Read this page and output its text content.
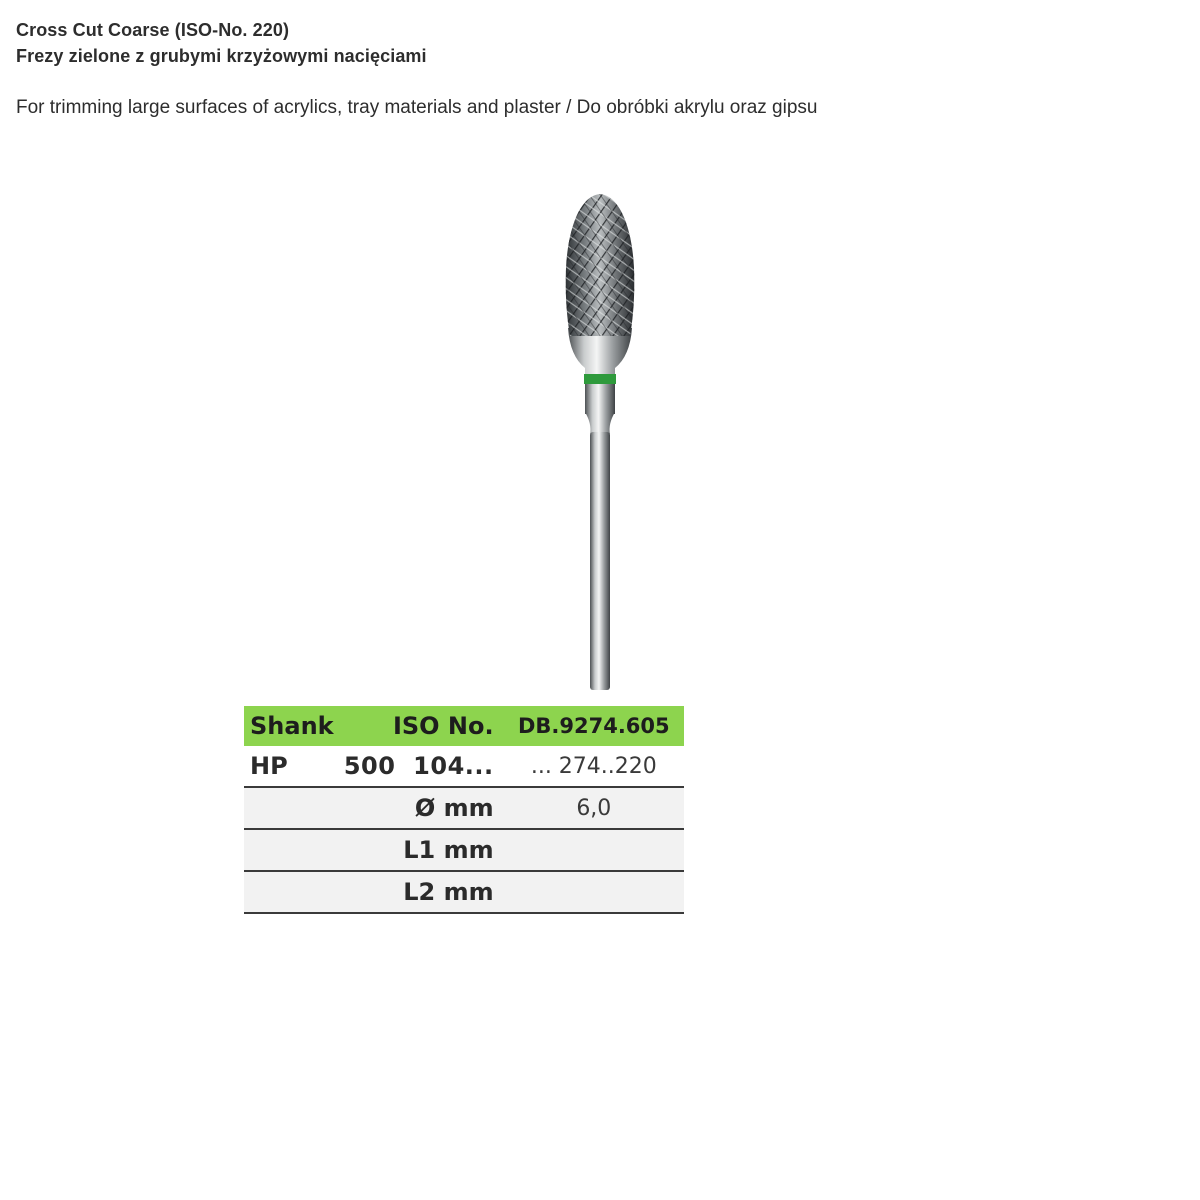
Cross Cut Coarse (ISO-No. 220)
Frezy zielone z grubymi krzyżowymi nacięciami
For trimming large surfaces of acrylics, tray materials and plaster / Do obróbki akrylu oraz gipsu
Shank	ISO No.	DB.9274.605
HP	500  104...	... 274..220
	Ø mm	6,0
	L1 mm	
	L2 mm	
